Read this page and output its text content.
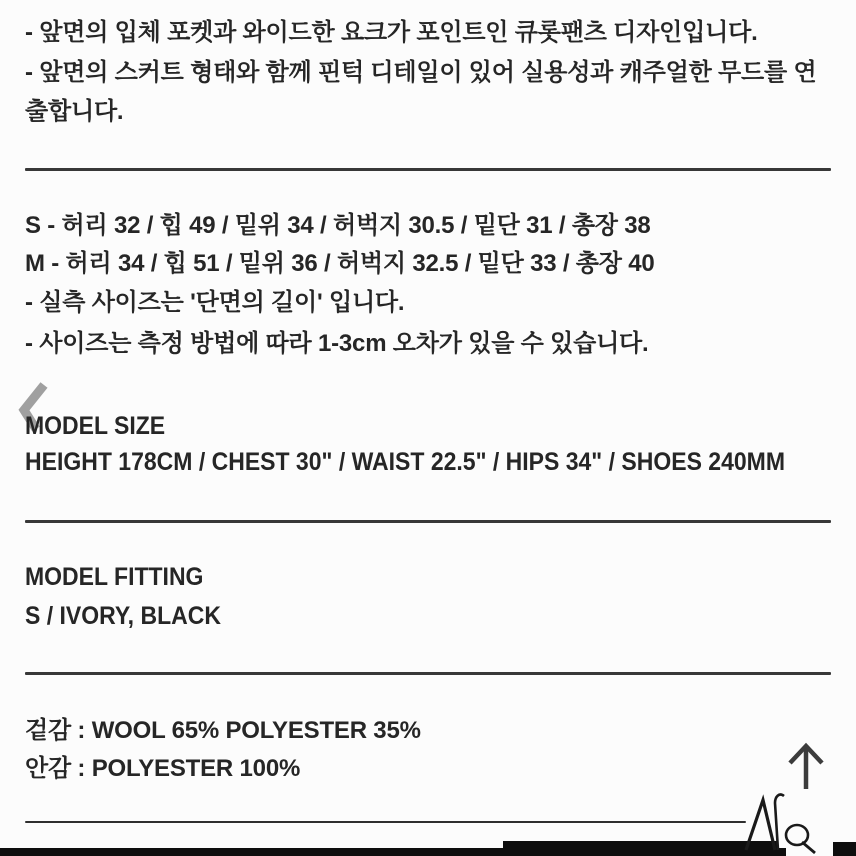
- 앞면의 입체 포켓과 와이드한 요크가 포인트인 큐롯팬츠 디자인입니다.

- 앞면의 스커트 형태와 함께 핀턱 디테일이 있어 실용성과 캐주얼한 무드를 연출합니다.

S - 허리 32 / 힙 49 / 밑위 34 / 허벅지 30.5 / 밑단 31 / 총장 38
M - 허리 34 / 힙 51 / 밑위 36 / 허벅지 32.5 / 밑단 33 / 총장 40
- 실측 사이즈는 '단면의 길이' 입니다.
- 사이즈는 측정 방법에 따라 1-3cm 오차가 있을 수 있습니다.
MODEL SIZE
HEIGHT 178CM / CHEST 30" / WAIST 22.5" / HIPS 34" / SHOES 240MM
MODEL FITTING
S / IVORY, BLACK
겉감 : WOOL 65% POLYESTER 35%
안감 : POLYESTER 100%
